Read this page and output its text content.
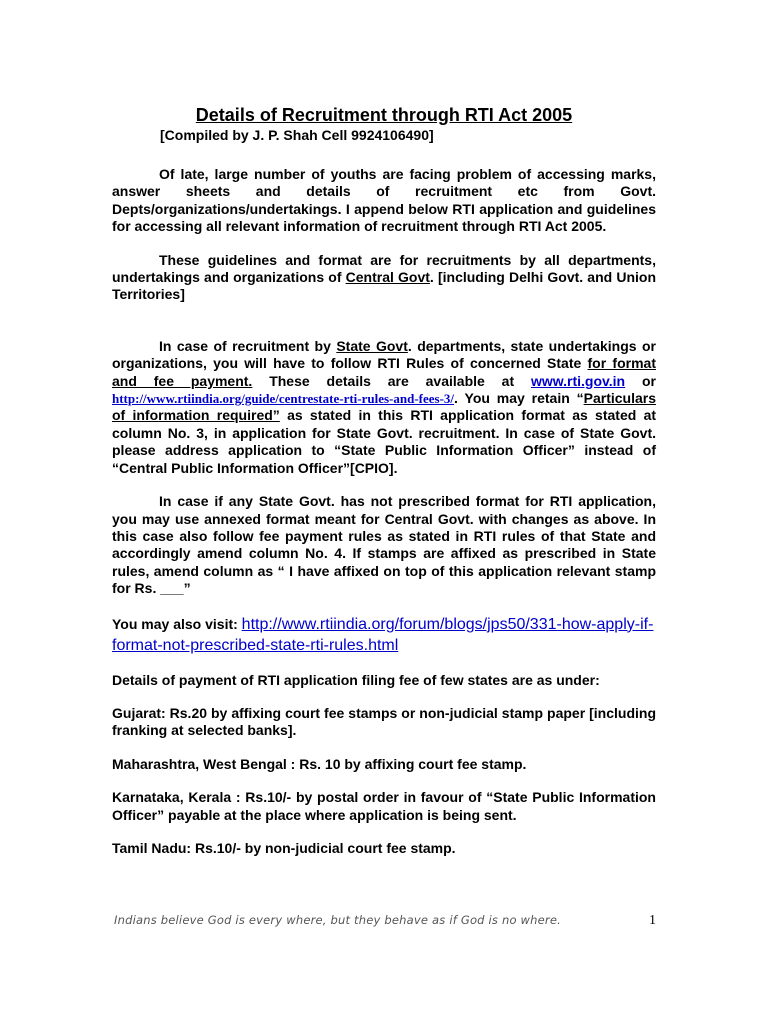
Details of Recruitment through RTI Act 2005
[Compiled by J. P. Shah Cell 9924106490]

Of late, large number of youths are facing problem of accessing marks, answer sheets and details of recruitment etc from Govt. Depts/organizations/undertakings. I append below RTI application and guidelines for accessing all relevant information of recruitment through RTI Act 2005.

These guidelines and format are for recruitments by all departments, undertakings and organizations of Central Govt. [including Delhi Govt. and Union Territories]

In case of recruitment by State Govt. departments, state undertakings or organizations, you will have to follow RTI Rules of concerned State for format and fee payment. These details are available at www.rti.gov.in or http://www.rtiindia.org/guide/centrestate-rti-rules-and-fees-3/. You may retain “Particulars of information required” as stated in this RTI application format as stated at column No. 3, in application for State Govt. recruitment. In case of State Govt. please address application to “State Public Information Officer” instead of “Central Public Information Officer”[CPIO].

In case if any State Govt. has not prescribed format for RTI application, you may use annexed format meant for Central Govt. with changes as above. In this case also follow fee payment rules as stated in RTI rules of that State and accordingly amend column No. 4. If stamps are affixed as prescribed in State rules, amend column as “ I have affixed on top of this application relevant stamp for Rs. ___”

You may also visit: http://www.rtiindia.org/forum/blogs/jps50/331-how-apply-if-format-not-prescribed-state-rti-rules.html

Details of payment of RTI application filing fee of few states are as under:

Gujarat: Rs.20 by affixing court fee stamps or non-judicial stamp paper [including franking at selected banks].

Maharashtra, West Bengal : Rs. 10 by affixing court fee stamp.

Karnataka, Kerala : Rs.10/- by postal order in favour of “State Public Information Officer” payable at the place where application is being sent.

Tamil Nadu: Rs.10/- by non-judicial court fee stamp.

Indians believe God is every where, but they behave as if God is no where.	1
